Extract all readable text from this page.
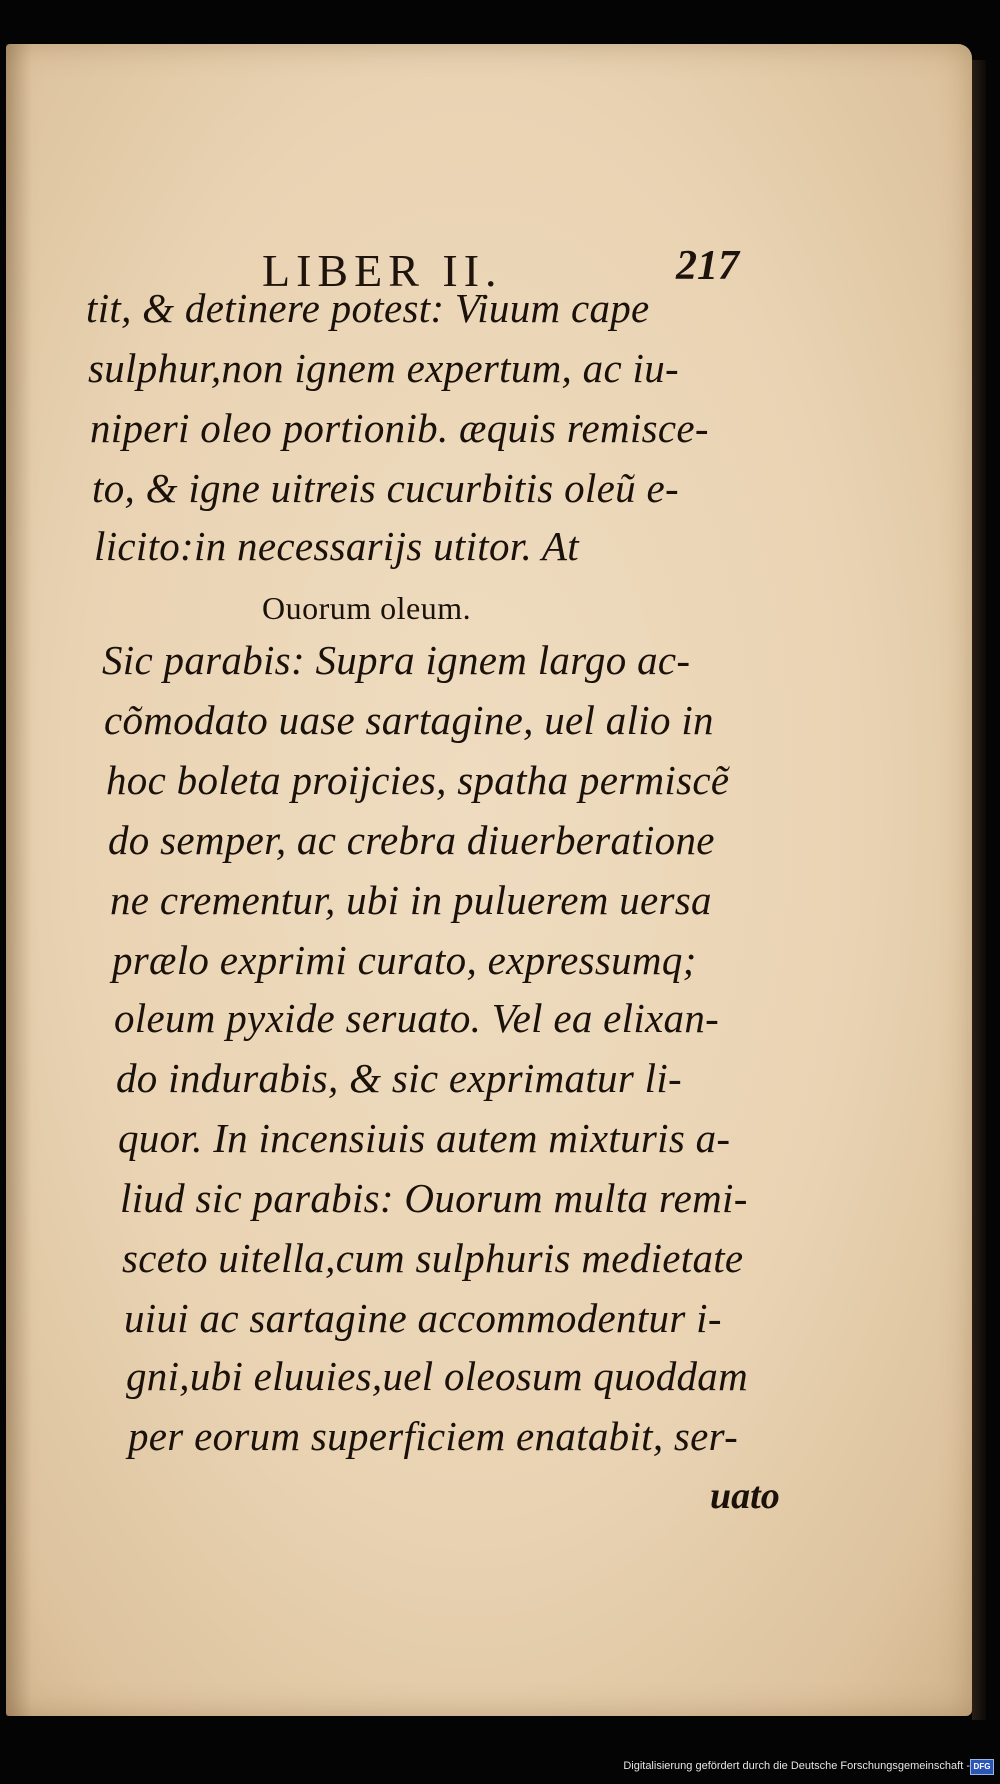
LIBER II.	217
tit, & detinere potest: Viuum cape
sulphur,non ignem expertum, ac iu-
niperi oleo portionib. æquis remisce-
to, & igne uitreis cucurbitis oleũ e-
licito:in necessarijs utitor. At
Ouorum oleum.
Sic parabis: Supra ignem largo ac-
cõmodato uase sartagine, uel alio in
hoc boleta proijcies, spatha permiscẽ
do semper, ac crebra diuerberatione
ne crementur, ubi in puluerem uersa
prælo exprimi curato, expressumq;
oleum pyxide seruato. Vel ea elixan-
do indurabis, & sic exprimatur li-
quor. In incensiuis autem mixturis a-
liud sic parabis: Ouorum multa remi-
sceto uitella,cum sulphuris medietate
uiui ac sartagine accommodentur i-
gni,ubi eluuies,uel oleosum quoddam
per eorum superficiem enatabit, ser-
uato
Digitalisierung gefördert durch die Deutsche Forschungsgemeinschaft - DFG
